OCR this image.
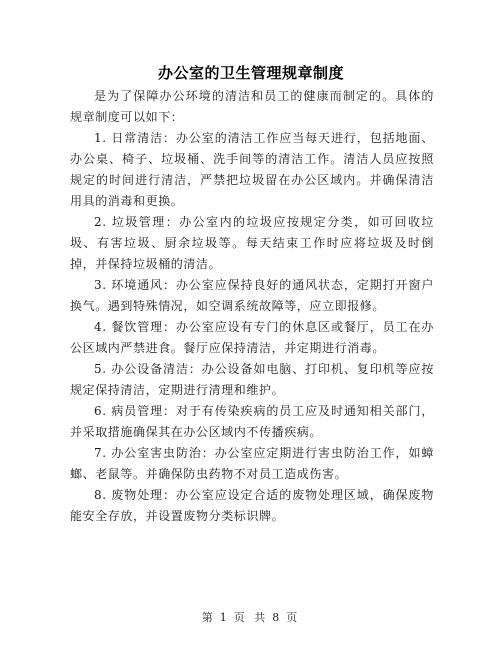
办公室的卫生管理规章制度

是为了保障办公环境的清洁和员工的健康而制定的。具体的规章制度可以如下：

1. 日常清洁：办公室的清洁工作应当每天进行，包括地面、办公桌、椅子、垃圾桶、洗手间等的清洁工作。清洁人员应按照规定的时间进行清洁，严禁把垃圾留在办公区域内。并确保清洁用具的消毒和更换。

2. 垃圾管理：办公室内的垃圾应按规定分类，如可回收垃圾、有害垃圾、厨余垃圾等。每天结束工作时应将垃圾及时倒掉，并保持垃圾桶的清洁。

3. 环境通风：办公室应保持良好的通风状态，定期打开窗户换气。遇到特殊情况，如空调系统故障等，应立即报修。

4. 餐饮管理：办公室应设有专门的休息区或餐厅，员工在办公区域内严禁进食。餐厅应保持清洁，并定期进行消毒。

5. 办公设备清洁：办公设备如电脑、打印机、复印机等应按规定保持清洁，定期进行清理和维护。

6. 病员管理：对于有传染疾病的员工应及时通知相关部门，并采取措施确保其在办公区域内不传播疾病。

7. 办公室害虫防治：办公室应定期进行害虫防治工作，如蟑螂、老鼠等。并确保防虫药物不对员工造成伤害。

8. 废物处理：办公室应设定合适的废物处理区域，确保废物能安全存放，并设置废物分类标识牌。

第 1 页 共 8 页
